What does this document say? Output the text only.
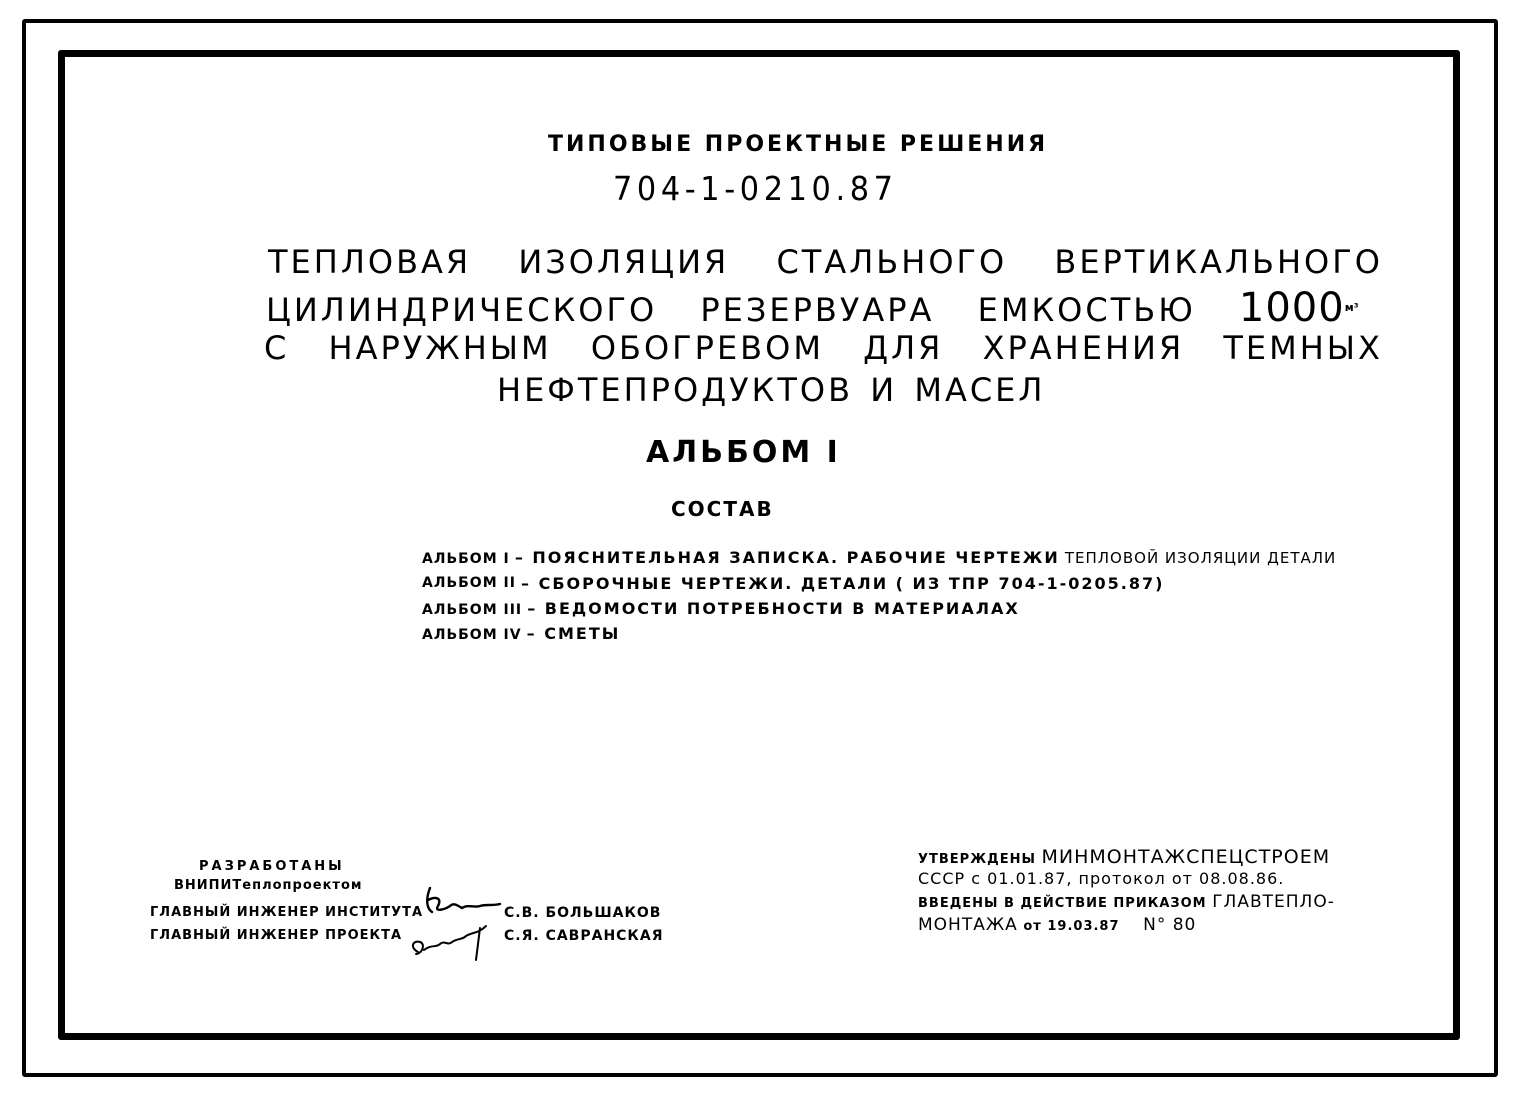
ТИПОВЫЕ ПРОЕКТНЫЕ РЕШЕНИЯ
704-1-0210.87
ТЕПЛОВАЯ ИЗОЛЯЦИЯ СТАЛЬНОГО ВЕРТИКАЛЬНОГО
ЦИЛИНДРИЧЕСКОГО РЕЗЕРВУАРА ЕМКОСТЬЮ $1000^{м^3}$
С НАРУЖНЫМ ОБОГРЕВОМ ДЛЯ ХРАНЕНИЯ ТЕМНЫХ
НЕФТЕПРОДУКТОВ И МАСЕЛ
АЛЬБОМ I
СОСТАВ
АЛЬБОМ I – ПОЯСНИТЕЛЬНАЯ ЗАПИСКА. РАБОЧИЕ ЧЕРТЕЖИ ТЕПЛОВОЙ ИЗОЛЯЦИИ ДЕТАЛИ
АЛЬБОМ II – СБОРОЧНЫЕ ЧЕРТЕЖИ. ДЕТАЛИ ( ИЗ ТПР 704-1-0205.87)
АЛЬБОМ III – ВЕДОМОСТИ ПОТРЕБНОСТИ В МАТЕРИАЛАХ
АЛЬБОМ IV – СМЕТЫ
РАЗРАБОТАНЫ
ВНИПИТеплопроектом
ГЛАВНЫЙ ИНЖЕНЕР ИНСТИТУТА
ГЛАВНЫЙ ИНЖЕНЕР ПРОЕКТА
С.В. БОЛЬШАКОВ
С.Я. САВРАНСКАЯ
УТВЕРЖДЕНЫ МИНМОНТАЖСПЕЦСТРОЕМ
СССР с 01.01.87, протокол от 08.08.86.
ВВЕДЕНЫ В ДЕЙСТВИЕ ПРИКАЗОМ ГЛАВТЕПЛО-
МОНТАЖА от 19.03.87 N° 80
